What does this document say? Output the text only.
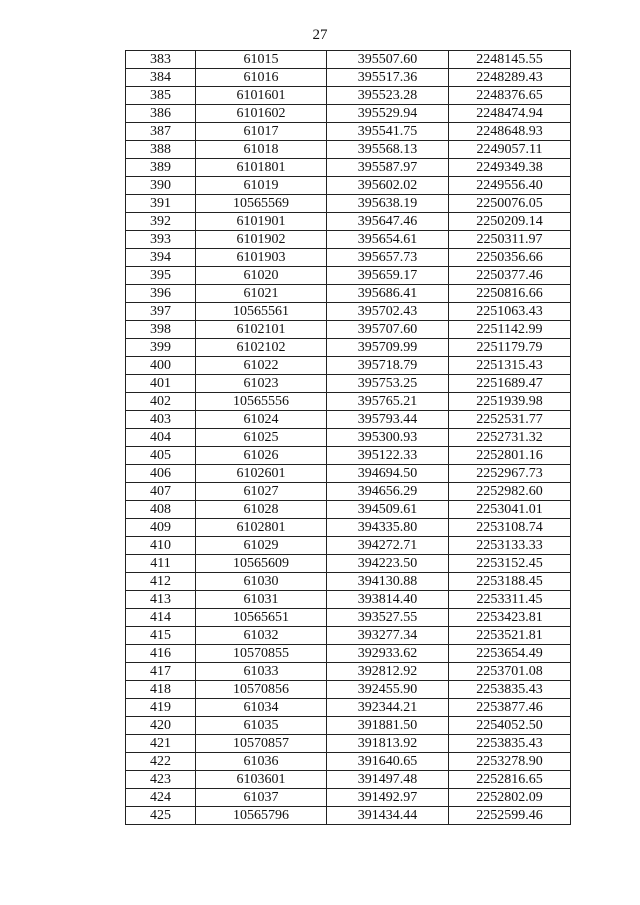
27
383	61015	395507.60	2248145.55
384	61016	395517.36	2248289.43
385	6101601	395523.28	2248376.65
386	6101602	395529.94	2248474.94
387	61017	395541.75	2248648.93
388	61018	395568.13	2249057.11
389	6101801	395587.97	2249349.38
390	61019	395602.02	2249556.40
391	10565569	395638.19	2250076.05
392	6101901	395647.46	2250209.14
393	6101902	395654.61	2250311.97
394	6101903	395657.73	2250356.66
395	61020	395659.17	2250377.46
396	61021	395686.41	2250816.66
397	10565561	395702.43	2251063.43
398	6102101	395707.60	2251142.99
399	6102102	395709.99	2251179.79
400	61022	395718.79	2251315.43
401	61023	395753.25	2251689.47
402	10565556	395765.21	2251939.98
403	61024	395793.44	2252531.77
404	61025	395300.93	2252731.32
405	61026	395122.33	2252801.16
406	6102601	394694.50	2252967.73
407	61027	394656.29	2252982.60
408	61028	394509.61	2253041.01
409	6102801	394335.80	2253108.74
410	61029	394272.71	2253133.33
411	10565609	394223.50	2253152.45
412	61030	394130.88	2253188.45
413	61031	393814.40	2253311.45
414	10565651	393527.55	2253423.81
415	61032	393277.34	2253521.81
416	10570855	392933.62	2253654.49
417	61033	392812.92	2253701.08
418	10570856	392455.90	2253835.43
419	61034	392344.21	2253877.46
420	61035	391881.50	2254052.50
421	10570857	391813.92	2253835.43
422	61036	391640.65	2253278.90
423	6103601	391497.48	2252816.65
424	61037	391492.97	2252802.09
425	10565796	391434.44	2252599.46
